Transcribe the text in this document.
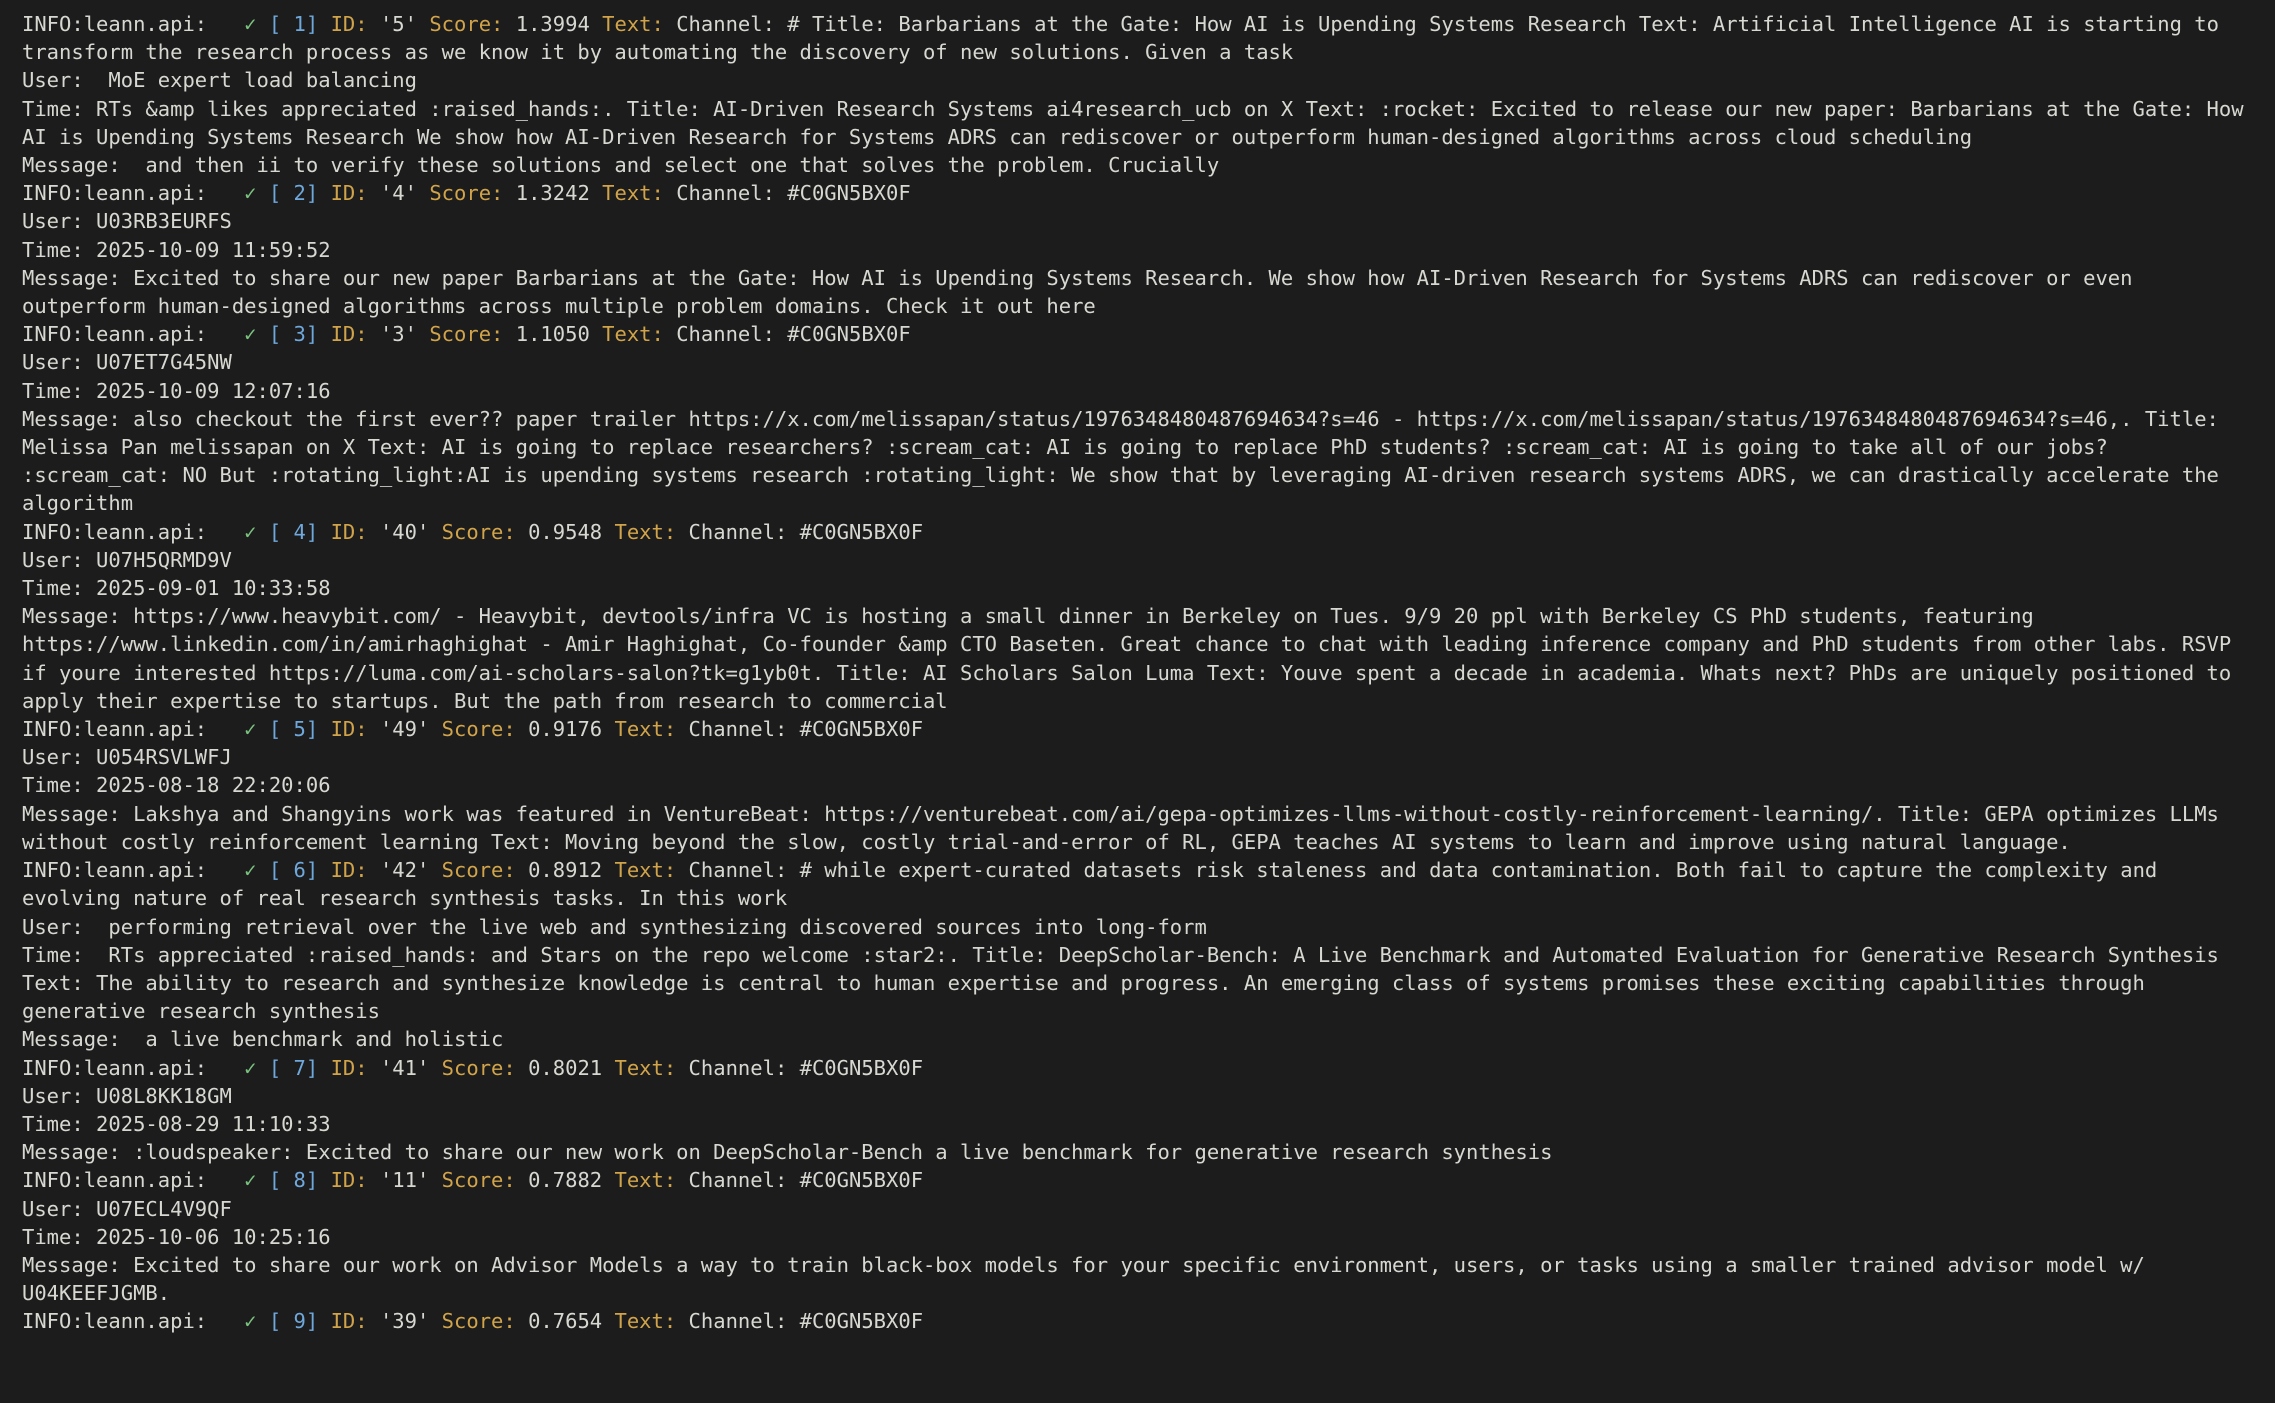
INFO:leann.api: ✓ [ 1] ID: '5' Score: 1.3994 Text: Channel: # Title: Barbarians at the Gate: How AI is Upending Systems Research Text: Artificial Intelligence AI is starting to transform the research process as we know it by automating the discovery of new solutions. Given a task
User:  MoE expert load balancing
Time: RTs &amp likes appreciated :raised_hands:. Title: AI-Driven Research Systems ai4research_ucb on X Text: :rocket: Excited to release our new paper: Barbarians at the Gate: How AI is Upending Systems Research We show how AI-Driven Research for Systems ADRS can rediscover or outperform human-designed algorithms across cloud scheduling
Message:  and then ii to verify these solutions and select one that solves the problem. Crucially
INFO:leann.api: ✓ [ 2] ID: '4' Score: 1.3242 Text: Channel: #C0GN5BX0F
User: U03RB3EURFS
Time: 2025-10-09 11:59:52
Message: Excited to share our new paper Barbarians at the Gate: How AI is Upending Systems Research. We show how AI-Driven Research for Systems ADRS can rediscover or even outperform human-designed algorithms across multiple problem domains. Check it out here
INFO:leann.api: ✓ [ 3] ID: '3' Score: 1.1050 Text: Channel: #C0GN5BX0F
User: U07ET7G45NW
Time: 2025-10-09 12:07:16
Message: also checkout the first ever?? paper trailer https://x.com/melissapan/status/1976348480487694634?s=46 - https://x.com/melissapan/status/1976348480487694634?s=46,. Title: Melissa Pan melissapan on X Text: AI is going to replace researchers? :scream_cat: AI is going to replace PhD students? :scream_cat: AI is going to take all of our jobs? :scream_cat: NO But :rotating_light:AI is upending systems research :rotating_light: We show that by leveraging AI-driven research systems ADRS, we can drastically accelerate the algorithm
INFO:leann.api: ✓ [ 4] ID: '40' Score: 0.9548 Text: Channel: #C0GN5BX0F
User: U07H5QRMD9V
Time: 2025-09-01 10:33:58
Message: https://www.heavybit.com/ - Heavybit, devtools/infra VC is hosting a small dinner in Berkeley on Tues. 9/9 20 ppl with Berkeley CS PhD students, featuring https://www.linkedin.com/in/amirhaghighat - Amir Haghighat, Co-founder &amp CTO Baseten. Great chance to chat with leading inference company and PhD students from other labs. RSVP if youre interested https://luma.com/ai-scholars-salon?tk=g1yb0t. Title: AI Scholars Salon Luma Text: Youve spent a decade in academia. Whats next? PhDs are uniquely positioned to apply their expertise to startups. But the path from research to commercial
INFO:leann.api: ✓ [ 5] ID: '49' Score: 0.9176 Text: Channel: #C0GN5BX0F
User: U054RSVLWFJ
Time: 2025-08-18 22:20:06
Message: Lakshya and Shangyins work was featured in VentureBeat: https://venturebeat.com/ai/gepa-optimizes-llms-without-costly-reinforcement-learning/. Title: GEPA optimizes LLMs without costly reinforcement learning Text: Moving beyond the slow, costly trial-and-error of RL, GEPA teaches AI systems to learn and improve using natural language.
INFO:leann.api: ✓ [ 6] ID: '42' Score: 0.8912 Text: Channel: # while expert-curated datasets risk staleness and data contamination. Both fail to capture the complexity and evolving nature of real research synthesis tasks. In this work
User:  performing retrieval over the live web and synthesizing discovered sources into long-form
Time:  RTs appreciated :raised_hands: and Stars on the repo welcome :star2:. Title: DeepScholar-Bench: A Live Benchmark and Automated Evaluation for Generative Research Synthesis Text: The ability to research and synthesize knowledge is central to human expertise and progress. An emerging class of systems promises these exciting capabilities through generative research synthesis
Message:  a live benchmark and holistic
INFO:leann.api: ✓ [ 7] ID: '41' Score: 0.8021 Text: Channel: #C0GN5BX0F
User: U08L8KK18GM
Time: 2025-08-29 11:10:33
Message: :loudspeaker: Excited to share our new work on DeepScholar-Bench a live benchmark for generative research synthesis
INFO:leann.api: ✓ [ 8] ID: '11' Score: 0.7882 Text: Channel: #C0GN5BX0F
User: U07ECL4V9QF
Time: 2025-10-06 10:25:16
Message: Excited to share our work on Advisor Models a way to train black-box models for your specific environment, users, or tasks using a smaller trained advisor model w/ U04KEEFJGMB.
INFO:leann.api: ✓ [ 9] ID: '39' Score: 0.7654 Text: Channel: #C0GN5BX0F
